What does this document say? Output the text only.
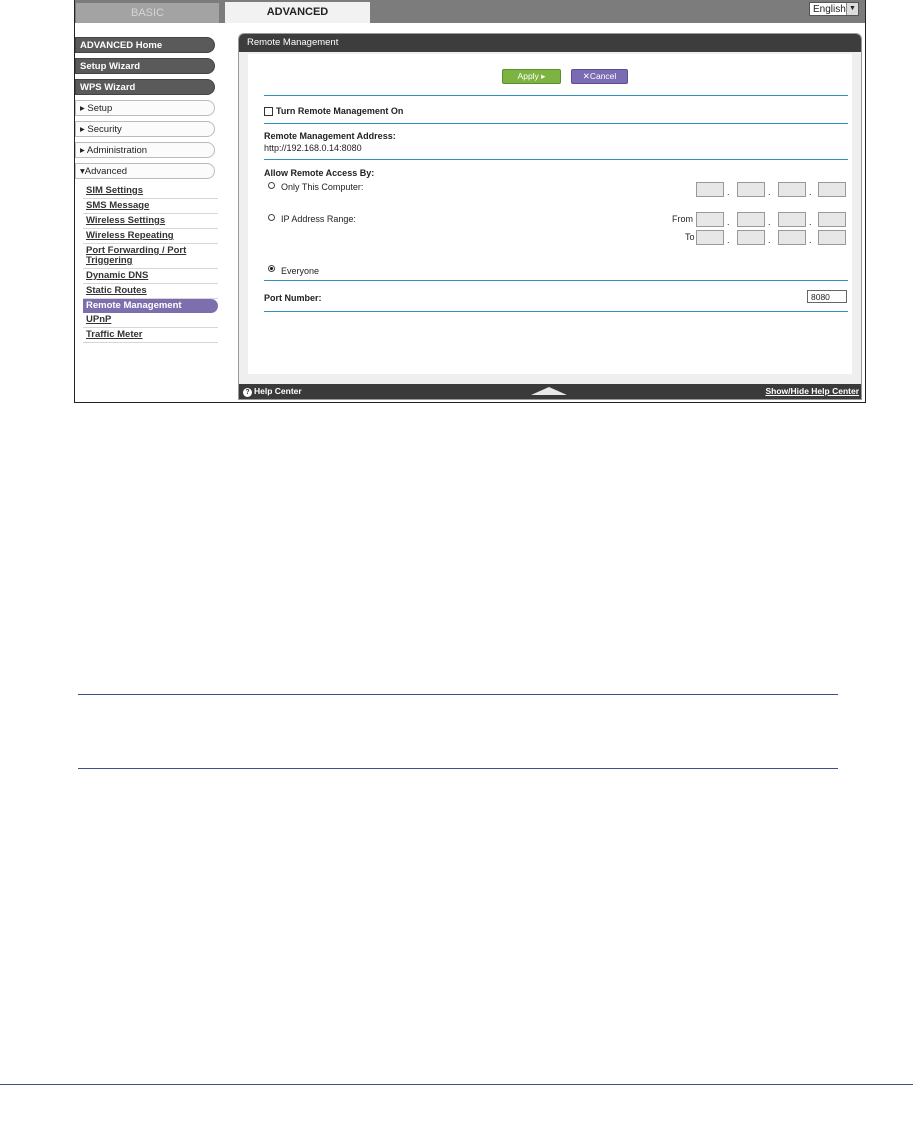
BASIC	ADVANCED	English ▼
ADVANCED Home
Setup Wizard
WPS Wizard
▸ Setup
▸ Security
▸ Administration
▾Advanced
SIM Settings
SMS Message
Wireless Settings
Wireless Repeating
Port Forwarding / Port Triggering
Dynamic DNS
Static Routes
Remote Management
UPnP
Traffic Meter
Remote Management
Apply ▸	✕Cancel
Turn Remote Management On
Remote Management Address:
http://192.168.0.14:8080
Allow Remote Access By:
Only This Computer:	.	.	.
IP Address Range:	From	.	.	.
To	.	.	.
Everyone
Port Number:	8080
? Help Center	Show/Hide Help Center
